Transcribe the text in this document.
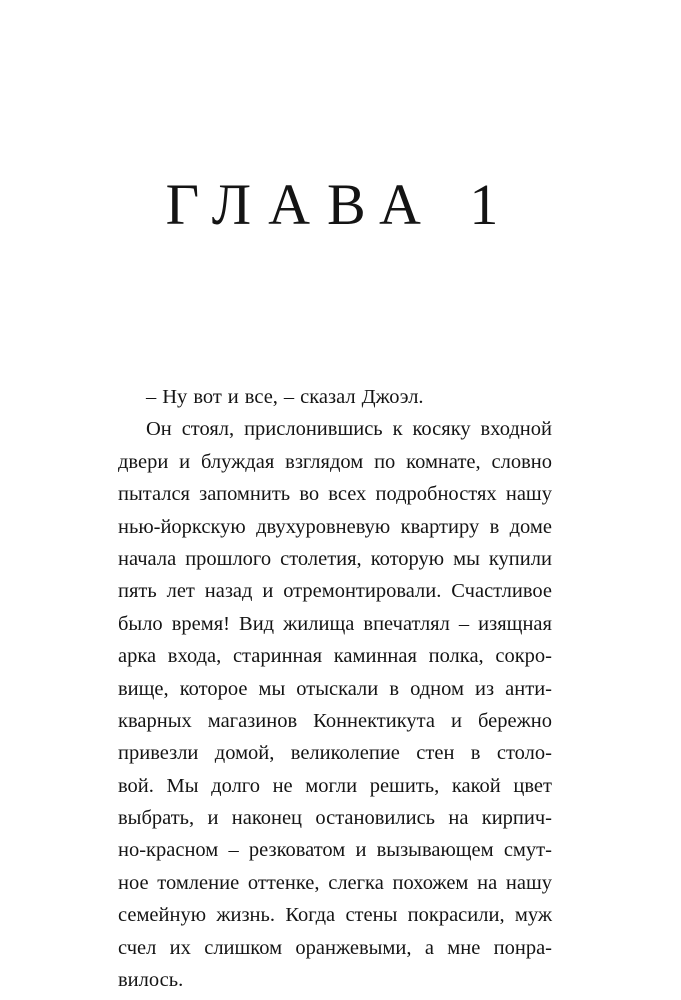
ГЛАВА 1
– Ну вот и все, – сказал Джоэл.
Он стоял, прислонившись к косяку входной
двери и блуждая взглядом по комнате, словно
пытался запомнить во всех подробностях нашу
нью-йоркскую двухуровневую квартиру в доме
начала прошлого столетия, которую мы купили
пять лет назад и отремонтировали. Счастливое
было время! Вид жилища впечатлял – изящная
арка входа, старинная каминная полка, сокро-
вище, которое мы отыскали в одном из анти-
кварных магазинов Коннектикута и бережно
привезли домой, великолепие стен в столо-
вой. Мы долго не могли решить, какой цвет
выбрать, и наконец остановились на кирпич-
но-красном – резковатом и вызывающем смут-
ное томление оттенке, слегка похожем на нашу
семейную жизнь. Когда стены покрасили, муж
счел их слишком оранжевыми, а мне понра-
вилось.
